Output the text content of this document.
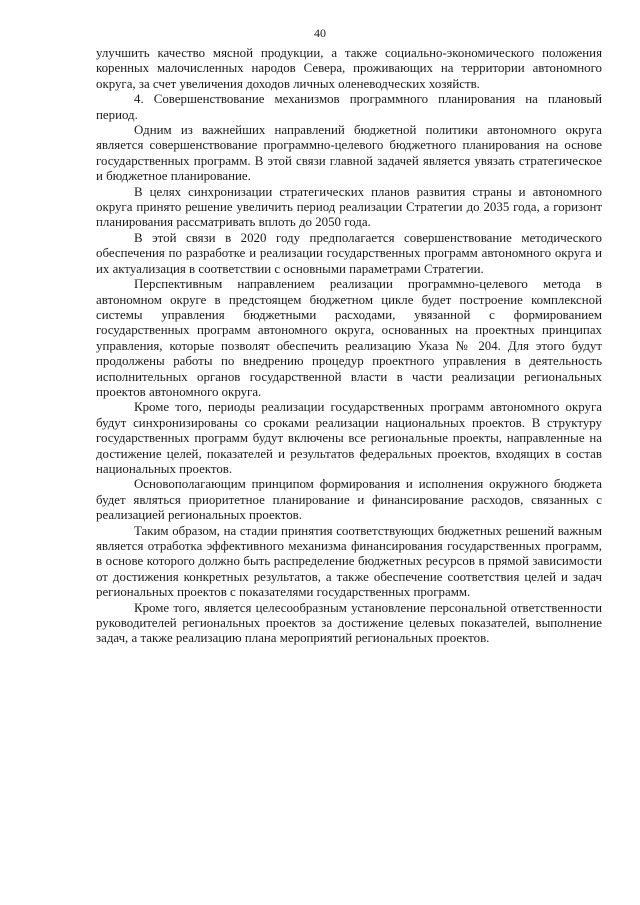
40

улучшить качество мясной продукции, а также социально-экономического положения коренных малочисленных народов Севера, проживающих на территории автономного округа, за счет увеличения доходов личных оленеводческих хозяйств.

4. Совершенствование механизмов программного планирования на плановый период.

Одним из важнейших направлений бюджетной политики автономного округа является совершенствование программно-целевого бюджетного планирования на основе государственных программ. В этой связи главной задачей является увязать стратегическое и бюджетное планирование.

В целях синхронизации стратегических планов развития страны и автономного округа принято решение увеличить период реализации Стратегии до 2035 года, а горизонт планирования рассматривать вплоть до 2050 года.

В этой связи в 2020 году предполагается совершенствование методического обеспечения по разработке и реализации государственных программ автономного округа и их актуализация в соответствии с основными параметрами Стратегии.

Перспективным направлением реализации программно-целевого метода в автономном округе в предстоящем бюджетном цикле будет построение комплексной системы управления бюджетными расходами, увязанной с формированием государственных программ автономного округа, основанных на проектных принципах управления, которые позволят обеспечить реализацию Указа № 204. Для этого будут продолжены работы по внедрению процедур проектного управления в деятельность исполнительных органов государственной власти в части реализации региональных проектов автономного округа.

Кроме того, периоды реализации государственных программ автономного округа будут синхронизированы со сроками реализации национальных проектов. В структуру государственных программ будут включены все региональные проекты, направленные на достижение целей, показателей и результатов федеральных проектов, входящих в состав национальных проектов.

Основополагающим принципом формирования и исполнения окружного бюджета будет являться приоритетное планирование и финансирование расходов, связанных с реализацией региональных проектов.

Таким образом, на стадии принятия соответствующих бюджетных решений важным является отработка эффективного механизма финансирования государственных программ, в основе которого должно быть распределение бюджетных ресурсов в прямой зависимости от достижения конкретных результатов, а также обеспечение соответствия целей и задач региональных проектов с показателями государственных программ.

Кроме того, является целесообразным установление персональной ответственности руководителей региональных проектов за достижение целевых показателей, выполнение задач, а также реализацию плана мероприятий региональных проектов.
